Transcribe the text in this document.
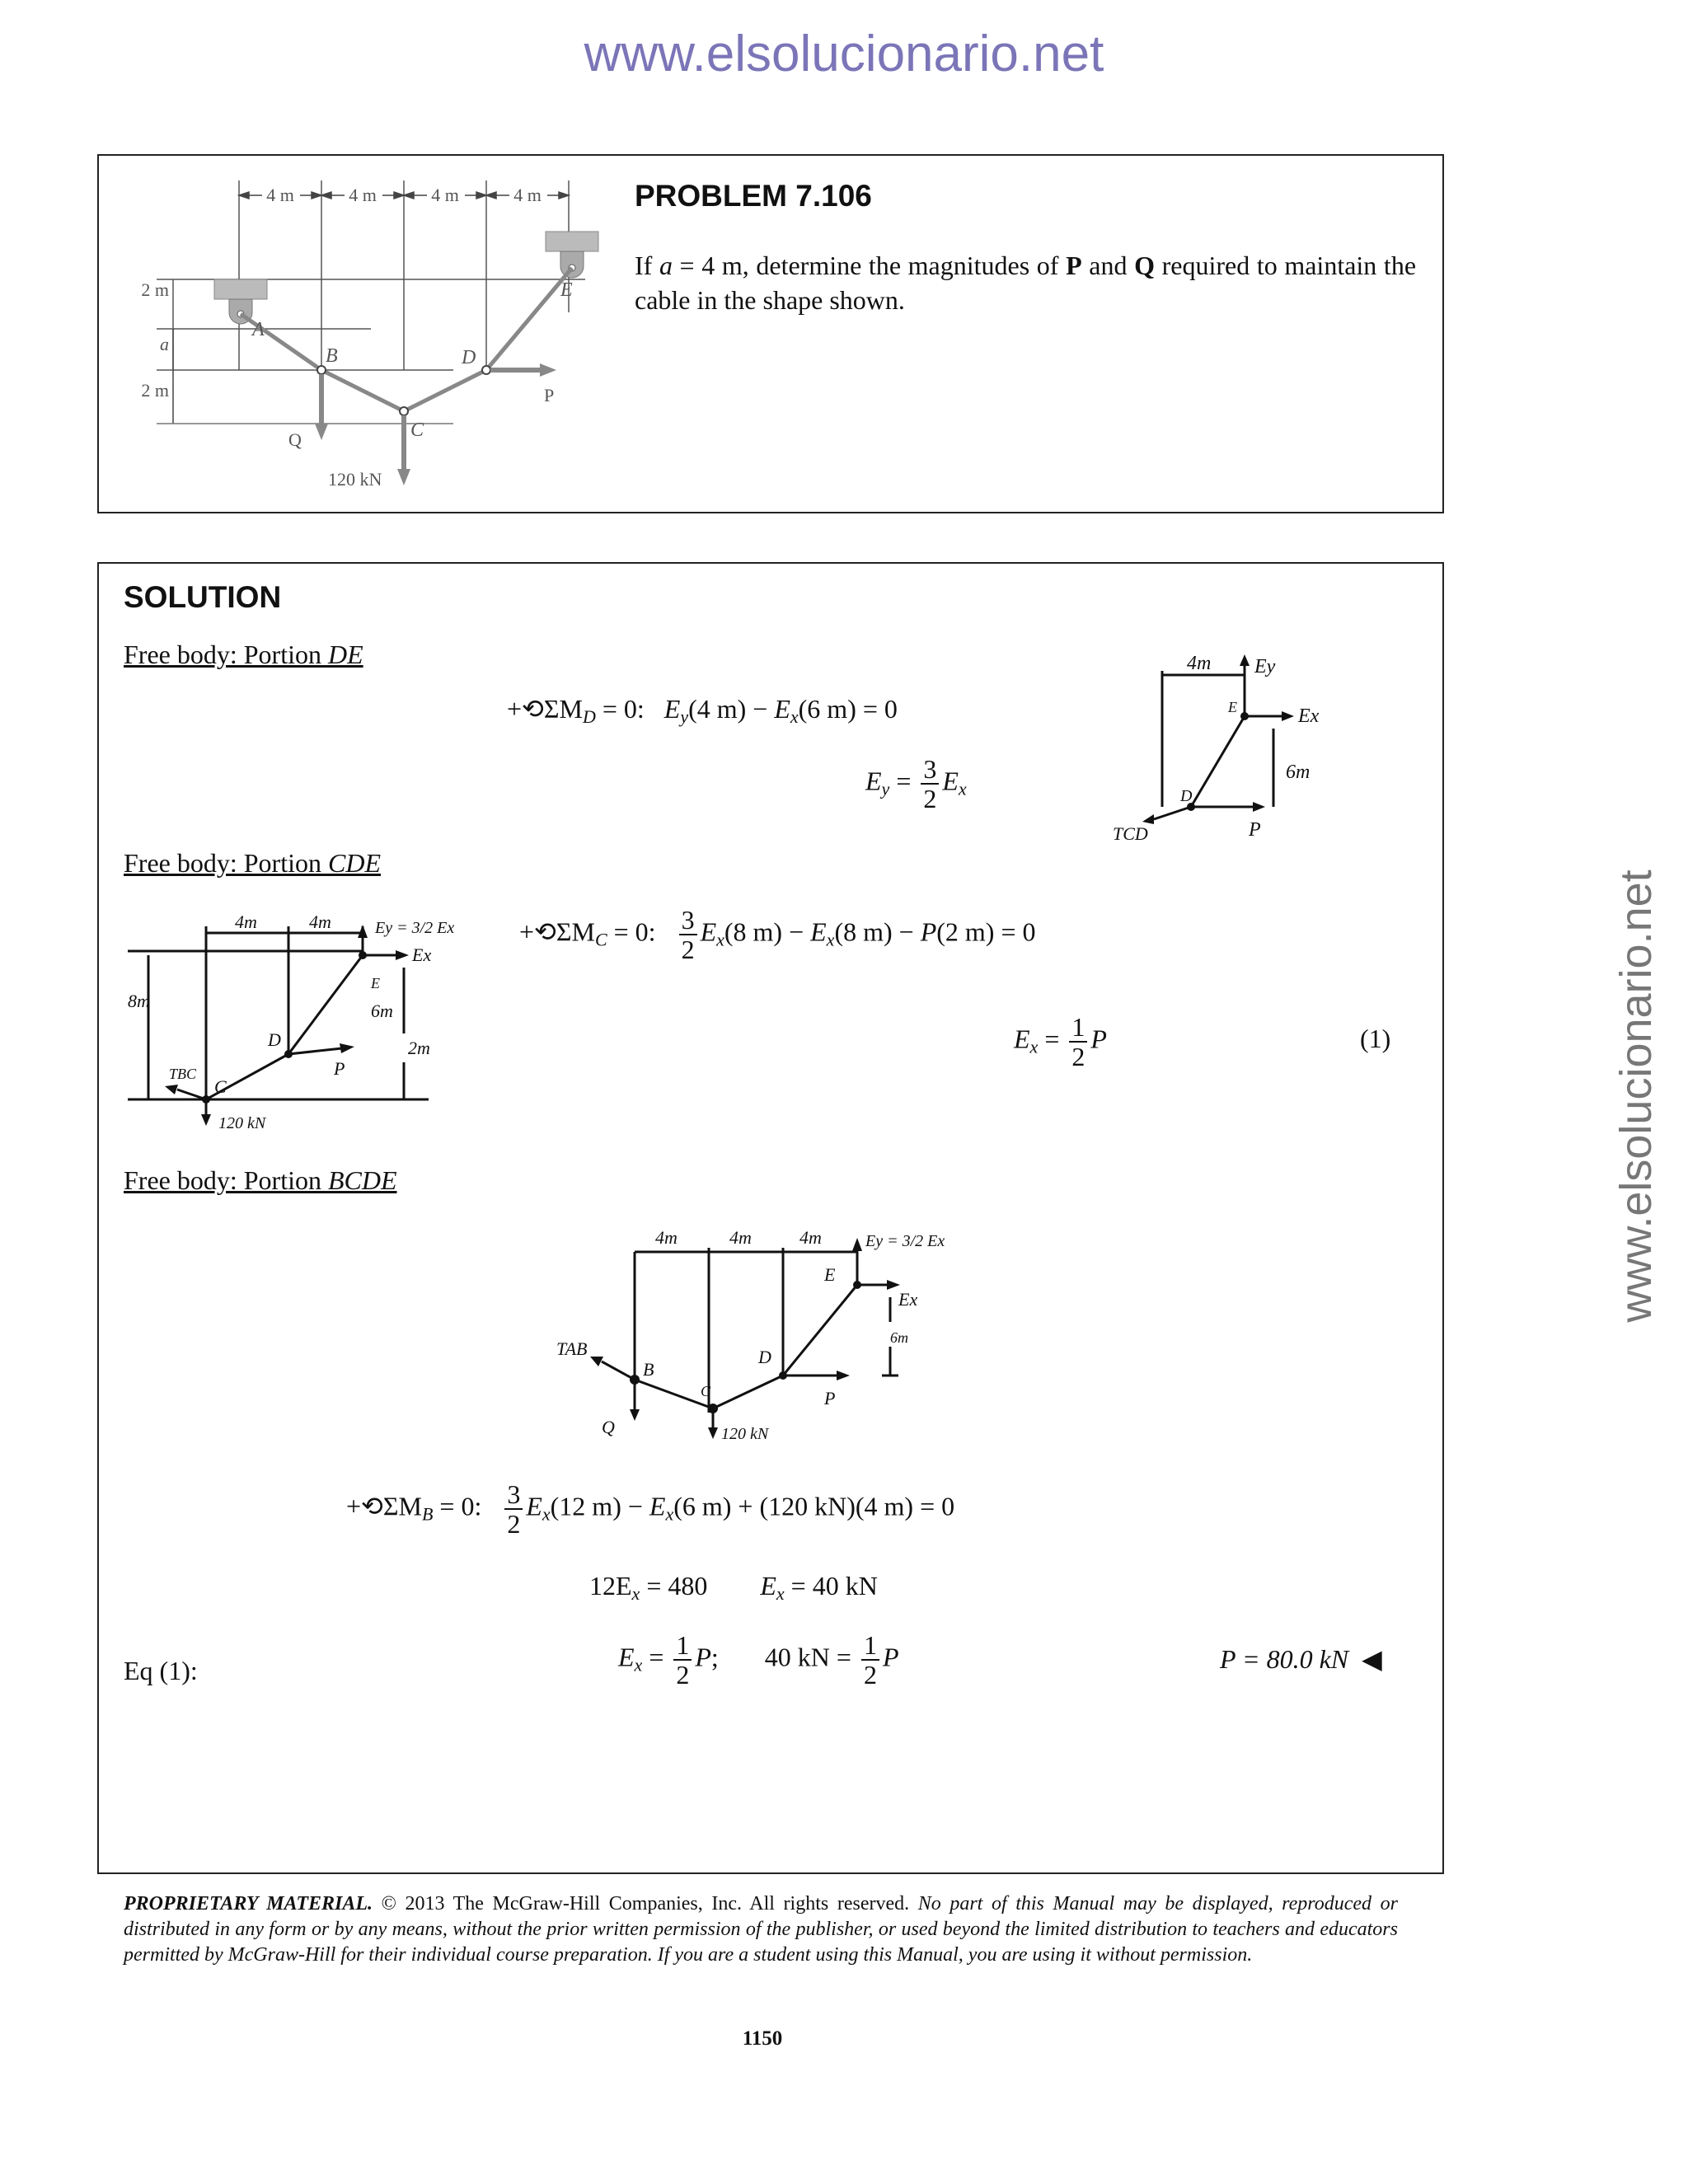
www.elsolucionario.net
www.elsolucionario.net
4 m	4 m	4 m	4 m
2 m
a
2 m
A
B
C
D
E
P
Q
120 kN
PROBLEM 7.106
If a = 4 m, determine the magnitudes of P and Q required to maintain the cable in the shape shown.
SOLUTION
Free body: Portion DE
$+⟲\Sigma M_D = 0$:   $E_y(4$ $m) - E_x(6$ m) = 0
$E_y = \frac{3}{2} E_x$
4m Ey
Ex
E
6m
D
P
TCD
Free body: Portion CDE
4m	4m	Ey = 3/2 Ex
Ex
8m
E
6m
2m
D
P
TBC
C
120 kN
$+⟲\Sigma M_C = 0$: $\frac{3}{2} E_x(8$ $m) - E_x(8$ m) − P(2 m) = 0
$E_x = \frac{1}{2}$ P	(1)
Free body: Portion BCDE
4m	4m	4m	Ey = 3/2 Ex
E
Ex
6m
TAB
B
C
D
P
Q	120 kN
$+⟲\Sigma M_B = 0$: $\frac{3}{2} E_x(12$ $m) - E_x(6$ m) + (120 kN)(4 m) = 0
$12E_x = 480$ $E_x = 40$ kN
Eq (1):	$E_x = \frac{1}{2} P$;       40 kN = $\frac{1}{2}$ P	P = 80.0 kN ◀
PROPRIETARY MATERIAL. © 2013 The McGraw-Hill Companies, Inc. All rights reserved. No part of this Manual may be displayed, reproduced or distributed in any form or by any means, without the prior written permission of the publisher, or used beyond the limited distribution to teachers and educators permitted by McGraw-Hill for their individual course preparation. If you are a student using this Manual, you are using it without permission.
1150
